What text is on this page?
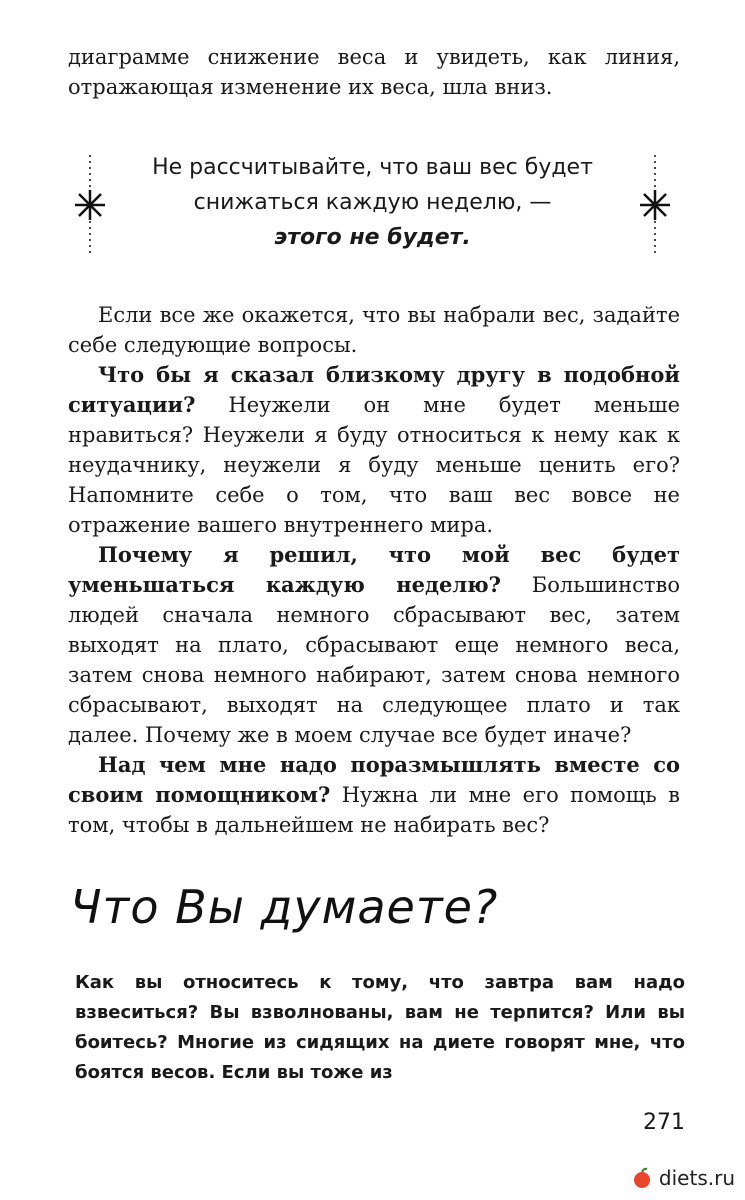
диаграмме снижение веса и увидеть, как линия, отражающая изменение их веса, шла вниз.
Не рассчитывайте, что ваш вес будет
снижаться каждую неделю, —
этого не будет.

Если все же окажется, что вы набрали вес, задайте себе следующие вопросы.

Что бы я сказал близкому другу в подобной ситуации? Неужели он мне будет меньше нравиться? Неужели я буду относиться к нему как к неудачнику, неужели я буду меньше ценить его? Напомните себе о том, что ваш вес вовсе не отражение вашего внутреннего мира.

Почему я решил, что мой вес будет уменьшаться каждую неделю? Большинство людей сначала немного сбрасывают вес, затем выходят на плато, сбрасывают еще немного веса, затем снова немного набирают, затем снова немного сбрасывают, выходят на следующее плато и так далее. Почему же в моем случае все будет иначе?

Над чем мне надо поразмышлять вместе со своим помощником? Нужна ли мне его помощь в том, чтобы в дальнейшем не набирать вес?

Что Вы думаете?
Как вы относитесь к тому, что завтра вам надо взвеситься? Вы взволнованы, вам не терпится? Или вы боитесь? Многие из сидящих на диете говорят мне, что боятся весов. Если вы тоже из
271
diets.ru
